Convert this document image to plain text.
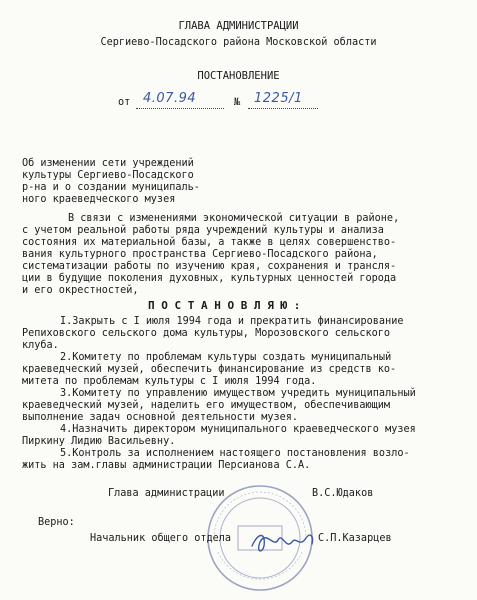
ГЛАВА АДМИНИСТРАЦИИ
Сергиево-Посадского района Московской области
ПОСТАНОВЛЕНИЕ
от 4.07.94	№ 1225/1
Об изменении сети учреждений
культуры Сергиево-Посадского
р-на и о создании муниципаль-
ного краеведческого музея
В связи с изменениями экономической ситуации в районе,
с учетом реальной работы ряда учреждений культуры и анализа
состояния их материальной базы, а также в целях совершенство-
вания культурного пространства Сергиево-Посадского района,
систематизации работы по изучению края, сохранения и трансля-
ции в будущие поколения духовных, культурных ценностей города
и его окрестностей,
П О С Т А Н О В Л Я Ю :
I.Закрыть с I июля 1994 года и прекратить финансирование
Репиховского сельского дома культуры, Морозовского сельского
клуба.
2.Комитету по проблемам культуры создать муниципальный
краеведческий музей, обеспечить финансирование из средств ко-
митета по проблемам культуры с I июля 1994 года.
3.Комитету по управлению имуществом учредить муниципальный
краеведческий музей, наделить его имуществом, обеспечивающим
выполнение задач основной деятельности музея.
4.Назначить директором муниципального краеведческого музея
Пиркину Лидию Васильевну.
5.Контроль за исполнением настоящего постановления возло-
жить на зам.главы администрации Персианова С.А.
Глава администрации	В.С.Юдаков
Верно:
Начальник общего отдела	С.П.Казарцев
